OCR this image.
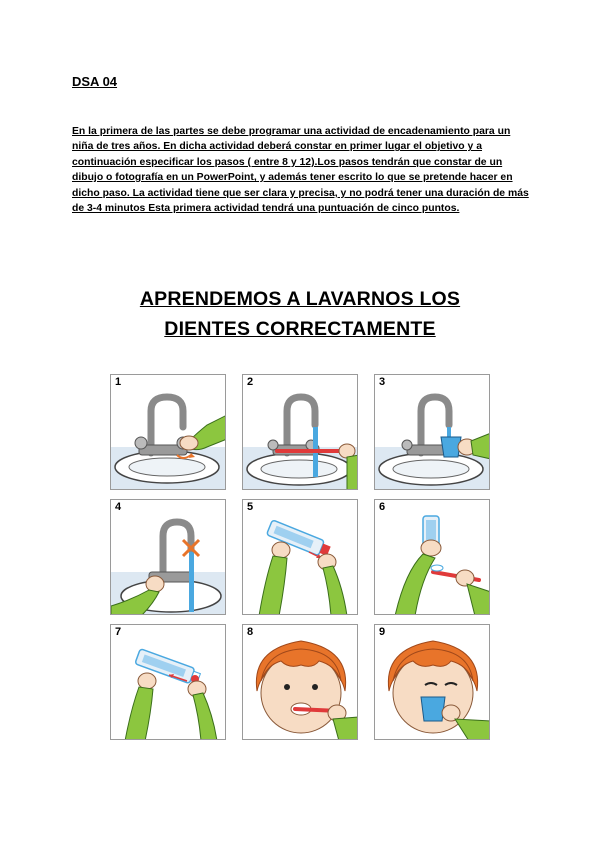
DSA 04
En la primera de las partes se debe programar una actividad de encadenamiento para un niña de tres años. En dicha actividad deberá constar en primer lugar el objetivo y a continuación especificar los pasos ( entre 8 y 12).Los pasos tendrán que constar de un dibujo o fotografía en un PowerPoint, y además tener escrito lo que se pretende hacer en dicho paso. La actividad tiene que ser clara y precisa, y no podrá tener una duración de más de 3-4 minutos Esta primera actividad tendrá una puntuación de cinco puntos.
APRENDEMOS A LAVARNOS LOS
DIENTES CORRECTAMENTE
1	2	3
4	5	6
7	8	9
